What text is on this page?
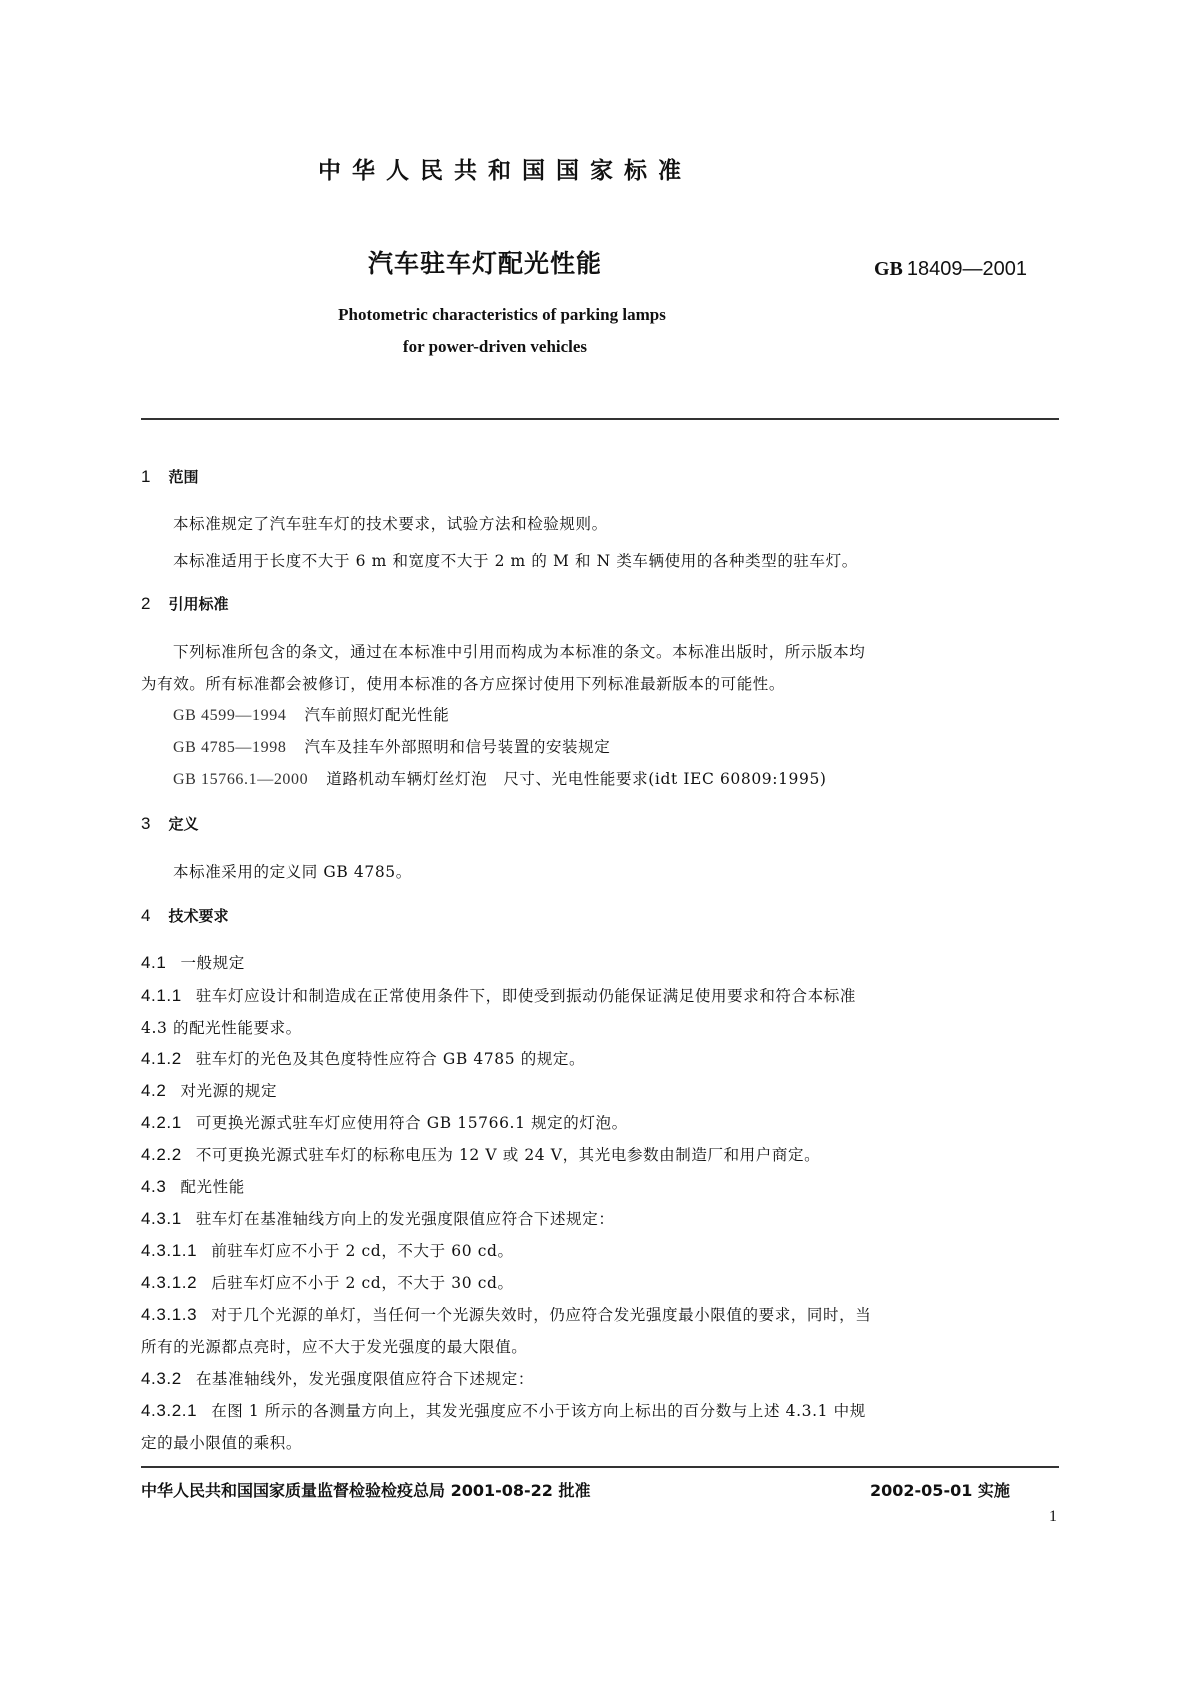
中华人民共和国国家标准
汽车驻车灯配光性能	GB 18409—2001
Photometric characteristics of parking lamps
for power-driven vehicles
1 范围
本标准规定了汽车驻车灯的技术要求，试验方法和检验规则。
本标准适用于长度不大于 6 m 和宽度不大于 2 m 的 M 和 N 类车辆使用的各种类型的驻车灯。
2 引用标准
下列标准所包含的条文，通过在本标准中引用而构成为本标准的条文。本标准出版时，所示版本均
为有效。所有标准都会被修订，使用本标准的各方应探讨使用下列标准最新版本的可能性。
GB 4599—1994 汽车前照灯配光性能
GB 4785—1998 汽车及挂车外部照明和信号装置的安装规定
GB 15766.1—2000 道路机动车辆灯丝灯泡　尺寸、光电性能要求(idt IEC 60809:1995)
3 定义
本标准采用的定义同 GB 4785。
4 技术要求
4.1 一般规定
4.1.1 驻车灯应设计和制造成在正常使用条件下，即使受到振动仍能保证满足使用要求和符合本标准
4.3 的配光性能要求。
4.1.2 驻车灯的光色及其色度特性应符合 GB 4785 的规定。
4.2 对光源的规定
4.2.1 可更换光源式驻车灯应使用符合 GB 15766.1 规定的灯泡。
4.2.2 不可更换光源式驻车灯的标称电压为 12 V 或 24 V，其光电参数由制造厂和用户商定。
4.3 配光性能
4.3.1 驻车灯在基准轴线方向上的发光强度限值应符合下述规定：
4.3.1.1 前驻车灯应不小于 2 cd，不大于 60 cd。
4.3.1.2 后驻车灯应不小于 2 cd，不大于 30 cd。
4.3.1.3 对于几个光源的单灯，当任何一个光源失效时，仍应符合发光强度最小限值的要求，同时，当
所有的光源都点亮时，应不大于发光强度的最大限值。
4.3.2 在基准轴线外，发光强度限值应符合下述规定：
4.3.2.1 在图 1 所示的各测量方向上，其发光强度应不小于该方向上标出的百分数与上述 4.3.1 中规
定的最小限值的乘积。
中华人民共和国国家质量监督检验检疫总局 2001-08-22 批准	2002-05-01 实施
1
